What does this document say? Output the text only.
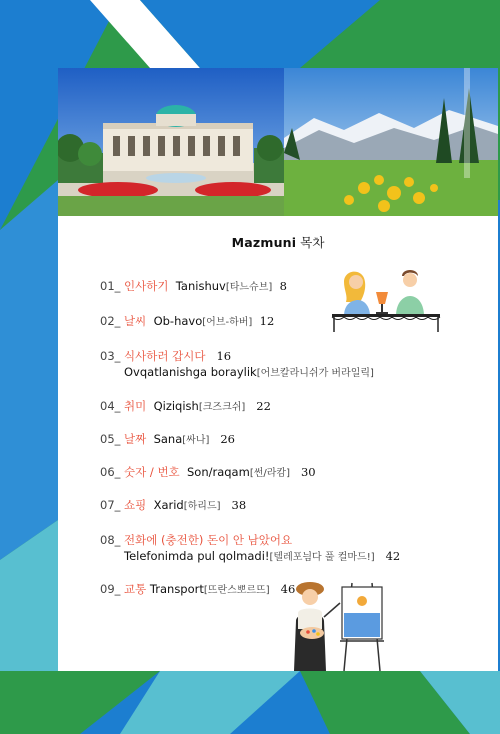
Mazmuni 목차
01_ 인사하기 Tanishuv[타느슈브] 8
02_ 날씨 Ob-havo[어브-하버] 12
03_ 식사하러 갑시다 16
Ovqatlanishga boraylik[어브칼라니쉬가 버라일릭]
04_ 취미 Qiziqish[크즈크쉬] 22
05_ 날짜 Sana[싸나] 26
06_ 숫자 / 번호 Son/raqam[썬/라캄] 30
07_ 쇼핑 Xarid[하리드] 38
08_ 전화에 (충전한) 돈이 안 남았어요
Telefonimda pul qolmadi![텔레포늼다 풀 컬마드!] 42
09_ 교통 Transport[뜨란스뽀르뜨] 46
